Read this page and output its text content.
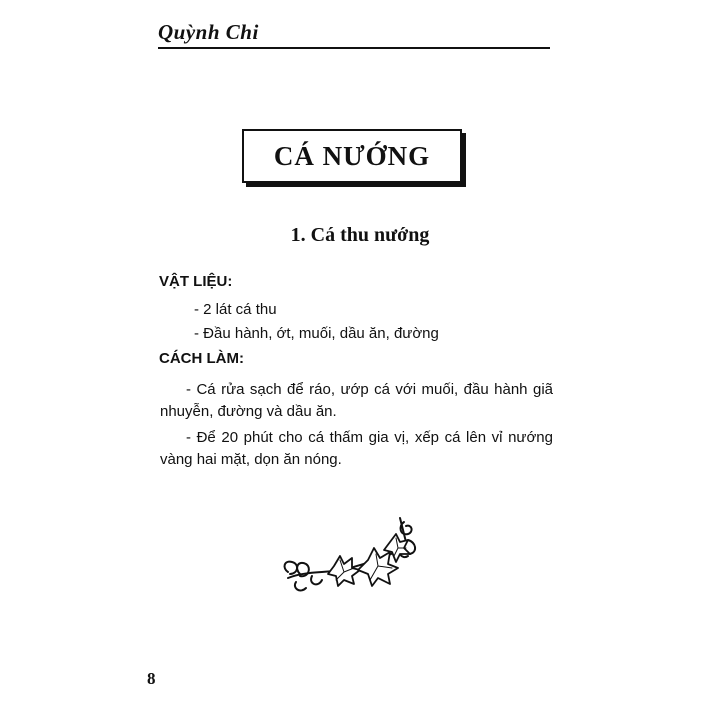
Quỳnh Chi
CÁ NƯỚNG
1. Cá thu nướng
VẬT LIỆU:
- 2 lát cá thu
- Đầu hành, ớt, muối, dầu ăn, đường
CÁCH LÀM:
- Cá rửa sạch để ráo, ướp cá với muối, đầu hành giã nhuyễn, đường và dầu ăn.
- Để 20 phút cho cá thấm gia vị, xếp cá lên vỉ nướng vàng hai mặt, dọn ăn nóng.
8
